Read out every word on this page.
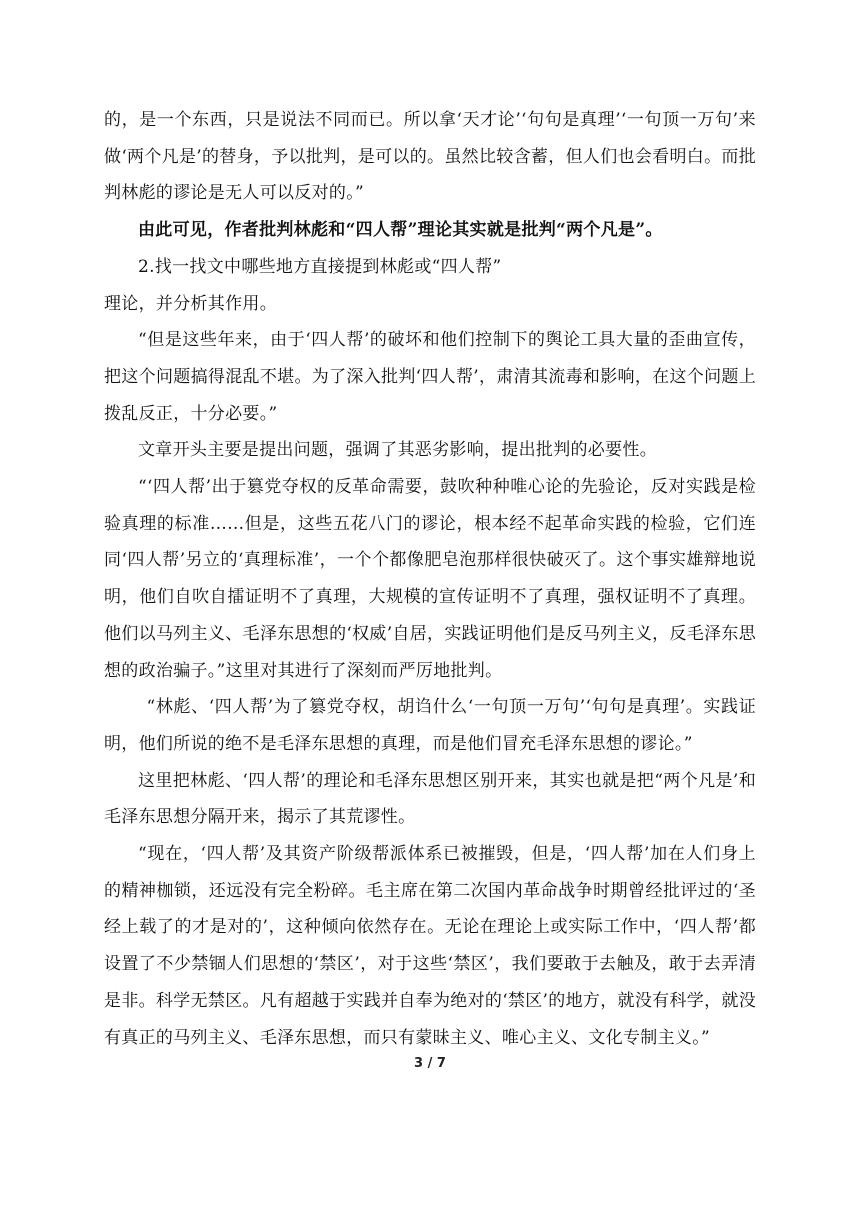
的，是一个东西，只是说法不同而已。所以拿‘天才论’‘句句是真理’‘一句顶一万句’来做‘两个凡是’的替身，予以批判，是可以的。虽然比较含蓄，但人们也会看明白。而批判林彪的谬论是无人可以反对的。”

由此可见，作者批判林彪和“四人帮”理论其实就是批判“两个凡是”。

2.找一找文中哪些地方直接提到林彪或“四人帮”

理论，并分析其作用。

“但是这些年来，由于‘四人帮’的破坏和他们控制下的舆论工具大量的歪曲宣传，把这个问题搞得混乱不堪。为了深入批判‘四人帮’，肃清其流毒和影响，在这个问题上拨乱反正，十分必要。”

文章开头主要是提出问题，强调了其恶劣影响，提出批判的必要性。

“‘四人帮’出于篡党夺权的反革命需要，鼓吹种种唯心论的先验论，反对实践是检验真理的标准……但是，这些五花八门的谬论，根本经不起革命实践的检验，它们连同‘四人帮’另立的‘真理标准’，一个个都像肥皂泡那样很快破灭了。这个事实雄辩地说明，他们自吹自擂证明不了真理，大规模的宣传证明不了真理，强权证明不了真理。他们以马列主义、毛泽东思想的‘权威’自居，实践证明他们是反马列主义，反毛泽东思想的政治骗子。”这里对其进行了深刻而严厉地批判。

“林彪、‘四人帮’为了篡党夺权，胡诌什么‘一句顶一万句’‘句句是真理’。实践证明，他们所说的绝不是毛泽东思想的真理，而是他们冒充毛泽东思想的谬论。”

这里把林彪、‘四人帮’的理论和毛泽东思想区别开来，其实也就是把“两个凡是’和毛泽东思想分隔开来，揭示了其荒谬性。

“现在，‘四人帮’及其资产阶级帮派体系已被摧毁，但是，‘四人帮’加在人们身上的精神枷锁，还远没有完全粉碎。毛主席在第二次国内革命战争时期曾经批评过的‘圣经上载了的才是对的’，这种倾向依然存在。无论在理论上或实际工作中，‘四人帮’都设置了不少禁锢人们思想的‘禁区’，对于这些‘禁区’，我们要敢于去触及，敢于去弄清是非。科学无禁区。凡有超越于实践并自奉为绝对的‘禁区’的地方，就没有科学，就没有真正的马列主义、毛泽东思想，而只有蒙昧主义、唯心主义、文化专制主义。”

3 / 7
